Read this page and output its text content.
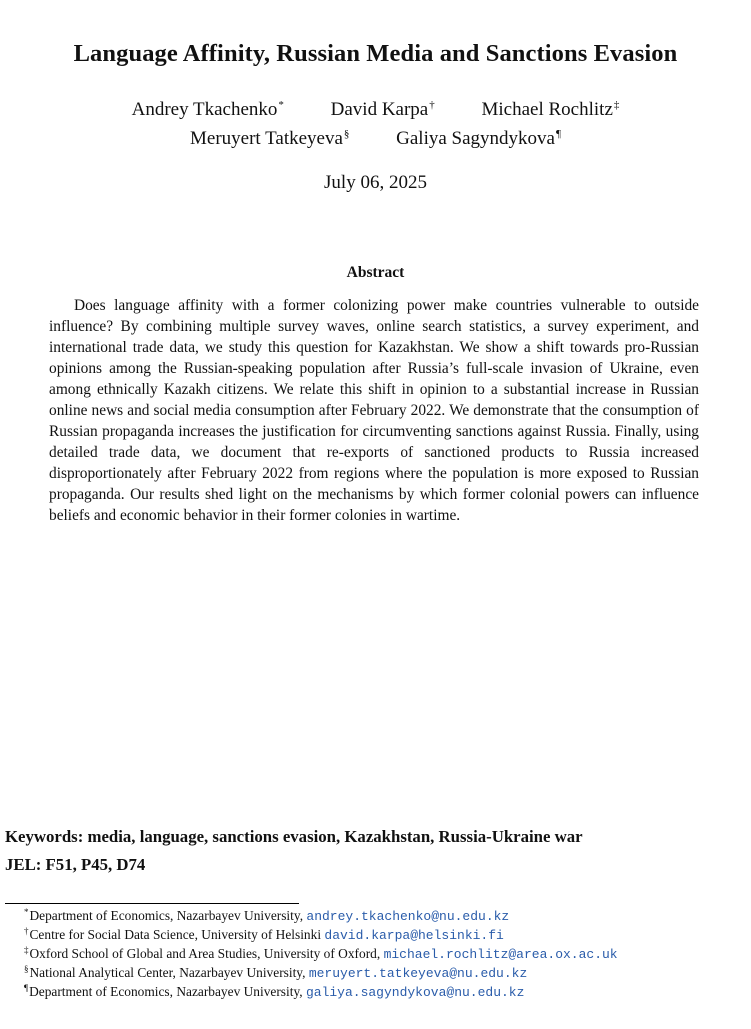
Language Affinity, Russian Media and Sanctions Evasion
Andrey Tkachenko* David Karpa† Michael Rochlitz‡
Meruyert Tatkeyeva§ Galiya Sagyndykova¶
July 06, 2025
Abstract
Does language affinity with a former colonizing power make countries vulnerable to outside influence? By combining multiple survey waves, online search statistics, a survey experiment, and international trade data, we study this question for Kazakhstan. We show a shift towards pro-Russian opinions among the Russian-speaking population after Russia’s full-scale invasion of Ukraine, even among ethnically Kazakh citizens. We relate this shift in opinion to a substantial increase in Russian online news and social media consumption after February 2022. We demonstrate that the consumption of Russian propaganda increases the justification for circumventing sanctions against Russia. Finally, using detailed trade data, we document that re-exports of sanctioned products to Russia increased disproportionately after February 2022 from regions where the population is more exposed to Russian propaganda. Our results shed light on the mechanisms by which former colonial powers can influence beliefs and economic behavior in their former colonies in wartime.
Keywords: media, language, sanctions evasion, Kazakhstan, Russia-Ukraine war
JEL: F51, P45, D74
*Department of Economics, Nazarbayev University, andrey.tkachenko@nu.edu.kz
†Centre for Social Data Science, University of Helsinki david.karpa@helsinki.fi
‡Oxford School of Global and Area Studies, University of Oxford, michael.rochlitz@area.ox.ac.uk
§National Analytical Center, Nazarbayev University, meruyert.tatkeyeva@nu.edu.kz
¶Department of Economics, Nazarbayev University, galiya.sagyndykova@nu.edu.kz
